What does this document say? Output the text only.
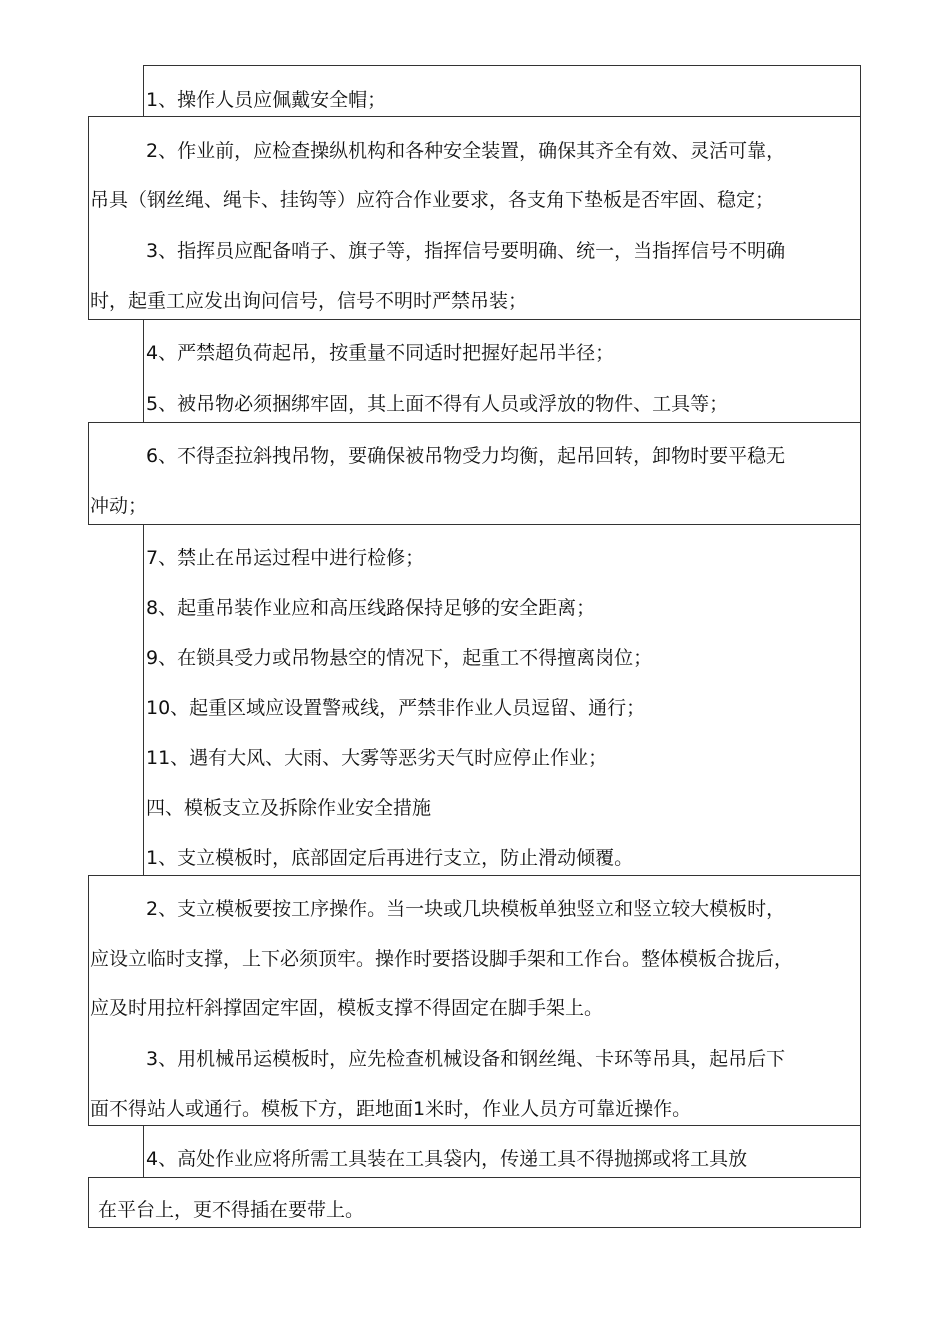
1、操作人员应佩戴安全帽；
2、作业前，应检查操纵机构和各种安全装置，确保其齐全有效、灵活可靠，
吊具（钢丝绳、绳卡、挂钩等）应符合作业要求，各支角下垫板是否牢固、稳定；
3、指挥员应配备哨子、旗子等，指挥信号要明确、统一，当指挥信号不明确
时，起重工应发出询问信号，信号不明时严禁吊装；
4、严禁超负荷起吊，按重量不同适时把握好起吊半径；
5、被吊物必须捆绑牢固，其上面不得有人员或浮放的物件、工具等；
6、不得歪拉斜拽吊物，要确保被吊物受力均衡，起吊回转，卸物时要平稳无
冲动；
7、禁止在吊运过程中进行检修；
8、起重吊装作业应和高压线路保持足够的安全距离；
9、在锁具受力或吊物悬空的情况下，起重工不得擅离岗位；
10、起重区域应设置警戒线，严禁非作业人员逗留、通行；
11、遇有大风、大雨、大雾等恶劣天气时应停止作业；
四、模板支立及拆除作业安全措施
1、支立模板时，底部固定后再进行支立，防止滑动倾覆。
2、支立模板要按工序操作。当一块或几块模板单独竖立和竖立较大模板时，
应设立临时支撑，上下必须顶牢。操作时要搭设脚手架和工作台。整体模板合拢后，
应及时用拉杆斜撑固定牢固，模板支撑不得固定在脚手架上。
3、用机械吊运模板时，应先检查机械设备和钢丝绳、卡环等吊具，起吊后下
面不得站人或通行。模板下方，距地面1米时，作业人员方可靠近操作。
4、高处作业应将所需工具装在工具袋内，传递工具不得抛掷或将工具放
在平台上，更不得插在要带上。
